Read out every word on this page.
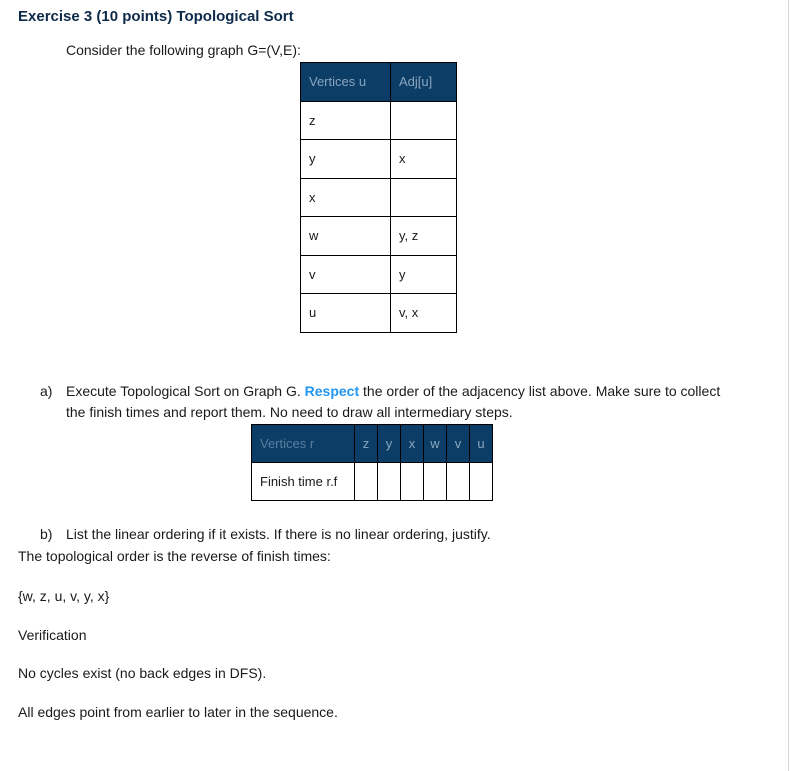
Exercise 3 (10 points) Topological Sort
Consider the following graph G=(V,E):
Vertices u	Adj[u]
z	
y	x
x	
w	y, z
v	y
u	v, x
a) Execute Topological Sort on Graph G. Respect the order of the adjacency list above. Make sure to collect the finish times and report them. No need to draw all intermediary steps.
Vertices r	z	y	x	w	v	u
Finish time r.f						
b) List the linear ordering if it exists. If there is no linear ordering, justify.
The topological order is the reverse of finish times:
{w, z, u, v, y, x}
Verification
No cycles exist (no back edges in DFS).
All edges point from earlier to later in the sequence.
